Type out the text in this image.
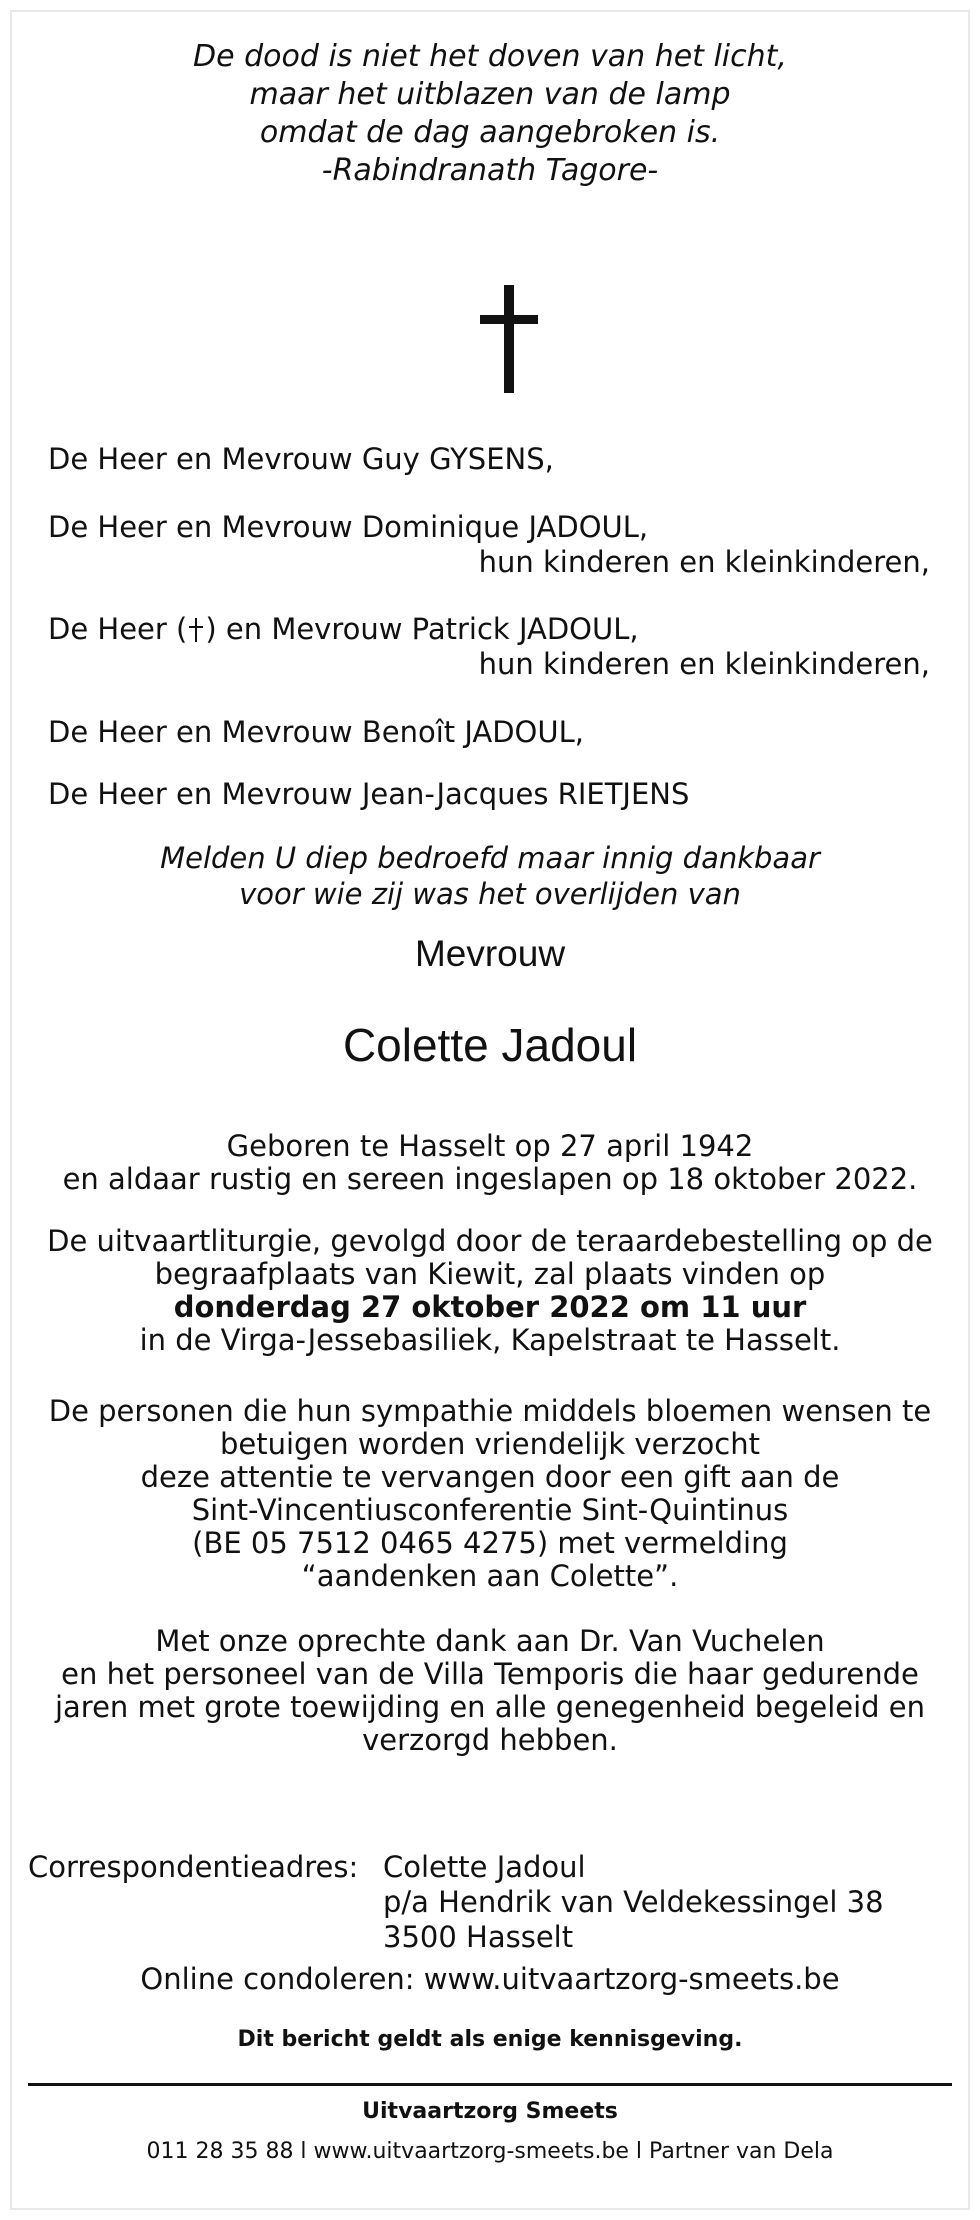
De dood is niet het doven van het licht,
maar het uitblazen van de lamp
omdat de dag aangebroken is.
-Rabindranath Tagore-
De Heer en Mevrouw Guy GYSENS,
De Heer en Mevrouw Dominique JADOUL,
hun kinderen en kleinkinderen,
De Heer ( ) en Mevrouw Patrick JADOUL,
hun kinderen en kleinkinderen,
De Heer en Mevrouw Benoît JADOUL,
De Heer en Mevrouw Jean-Jacques RIETJENS
Melden U diep bedroefd maar innig dankbaar
voor wie zij was het overlijden van
Mevrouw
Colette Jadoul
Geboren te Hasselt op 27 april 1942
en aldaar rustig en sereen ingeslapen op 18 oktober 2022.
De uitvaartliturgie, gevolgd door de teraardebestelling op de
begraafplaats van Kiewit, zal plaats vinden op
donderdag 27 oktober 2022 om 11 uur
in de Virga-Jessebasiliek, Kapelstraat te Hasselt.
De personen die hun sympathie middels bloemen wensen te
betuigen worden vriendelijk verzocht
deze attentie te vervangen door een gift aan de
Sint-Vincentiusconferentie Sint-Quintinus
(BE 05 7512 0465 4275) met vermelding
“aandenken aan Colette”.
Met onze oprechte dank aan Dr. Van Vuchelen
en het personeel van de Villa Temporis die haar gedurende
jaren met grote toewijding en alle genegenheid begeleid en
verzorgd hebben.
Correspondentieadres: Colette Jadoul
p/a Hendrik van Veldekessingel 38
3500 Hasselt
Online condoleren: www.uitvaartzorg-smeets.be
Dit bericht geldt als enige kennisgeving.
Uitvaartzorg Smeets
011 28 35 88 l www.uitvaartzorg-smeets.be l Partner van Dela
